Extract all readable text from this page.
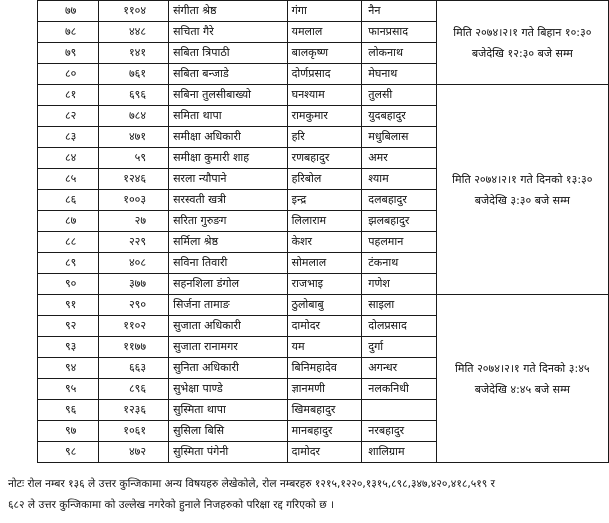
७७	११०४	संगीता श्रेष्ठ	गंगा	नैन	मिति २०७४।२।१ गते बिहान १०:३०
बजेदेखि १२:३० बजे सम्म

७८	४४८	सचिता गैरे	यमलाल	फानप्रसाद	
७९	१४१	सबिता त्रिपाठी	बालकृष्ण	लोकनाथ	
८०	७६१	सबिता बन्जाडे	दोर्णप्रसाद	मेघनाथ	
८१	६९६	सबिना तुलसीबाख्यो	घनश्याम	तुलसी	मिति २०७४।२।१ गते दिनको १३:३०
बजेदेखि ३:३० बजे सम्म

८२	७८४	समिता थापा	रामकुमार	युदबहादुर	
८३	४७१	समीक्षा अधिकारी	हरि	मधुबिलास	
८४	५९	समीक्षा कुमारी शाह	रणबहादुर	अमर	
८५	१२४६	सरला न्यौपाने	हरिबोल	श्याम	
८६	१००३	सरस्वती खत्री	इन्द्र	दलबहादुर	
८७	२७	सरिता गुरुङग	लिलाराम	झलबहादुर	
८८	२२९	सर्मिला श्रेष्ठ	केशर	पहलमान	
८९	४०८	सविना तिवारी	सोमलाल	टंकनाथ	
९०	३७७	सहनशिला डंगोल	राजभाइ	गणेश	
९१	२९०	सिर्जना तामाङ	ठुलोबाबु	साइला	मिति २०७४।२।१ गते दिनको ३:४५
बजेदेखि ४:४५ बजे सम्म

९२	११०२	सुजाता अधिकारी	दामोदर	दोलप्रसाद	
९३	११७७	सुजाता रानामगर	यम	दुर्गा	
९४	६६३	सुनिता अधिकारी	बिनिमहादेव	अगन्धर	
९५	८९६	सुभेक्षा पाण्डे	ज्ञानमणी	नलकनिधी	
९६	१२३६	सुस्मिता थापा	खिमबहादुर		
९७	१०६१	सुसिला बिसि	मानबहादुर	नरबहादुर	
९८	४७२	सुस्मिता पंगेनी	दामोदर	शालिग्राम	
नोटः रोल नम्बर १३६ ले उत्तर कुन्जिकामा अन्य विषयहरु लेखेकोले, रोल नम्बरहरु १२१५,१२२०,१३१५,८९८,३४७,४२०,४१८,५१९ र
६८२ ले उत्तर कुन्जिकामा को उल्लेख नगरेको हुनाले निजहरुको परिक्षा रद्द गरिएको छ ।
